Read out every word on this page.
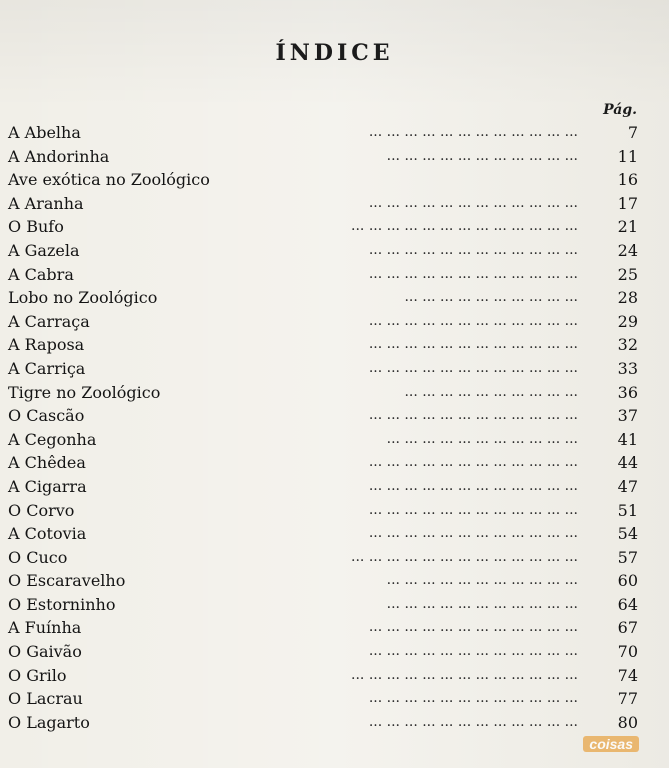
ÍNDICE
Pág.
... ... ... ... ... ... ... ... ... ... ... ...
A Abelha	7
... ... ... ... ... ... ... ... ... ... ...
A Andorinha	11
Ave exótica no Zoológico	16
... ... ... ... ... ... ... ... ... ... ... ...
A Aranha	17
... ... ... ... ... ... ... ... ... ... ... ... ...
O Bufo	21
... ... ... ... ... ... ... ... ... ... ... ...
A Gazela	24
... ... ... ... ... ... ... ... ... ... ... ...
A Cabra	25
... ... ... ... ... ... ... ... ... ...
Lobo no Zoológico	28
... ... ... ... ... ... ... ... ... ... ... ...
A Carraça	29
... ... ... ... ... ... ... ... ... ... ... ...
A Raposa	32
... ... ... ... ... ... ... ... ... ... ... ...
A Carriça	33
... ... ... ... ... ... ... ... ... ...
Tigre no Zoológico	36
... ... ... ... ... ... ... ... ... ... ... ...
O Cascão	37
... ... ... ... ... ... ... ... ... ... ...
A Cegonha	41
... ... ... ... ... ... ... ... ... ... ... ...
A Chêdea	44
... ... ... ... ... ... ... ... ... ... ... ...
A Cigarra	47
... ... ... ... ... ... ... ... ... ... ... ...
O Corvo	51
... ... ... ... ... ... ... ... ... ... ... ...
A Cotovia	54
... ... ... ... ... ... ... ... ... ... ... ... ...
O Cuco	57
... ... ... ... ... ... ... ... ... ... ...
O Escaravelho	60
... ... ... ... ... ... ... ... ... ... ...
O Estorninho	64
... ... ... ... ... ... ... ... ... ... ... ...
A Fuínha	67
... ... ... ... ... ... ... ... ... ... ... ...
O Gaivão	70
... ... ... ... ... ... ... ... ... ... ... ... ...
O Grilo	74
... ... ... ... ... ... ... ... ... ... ... ...
O Lacrau	77
... ... ... ... ... ... ... ... ... ... ... ...
O Lagarto	80
coisas
